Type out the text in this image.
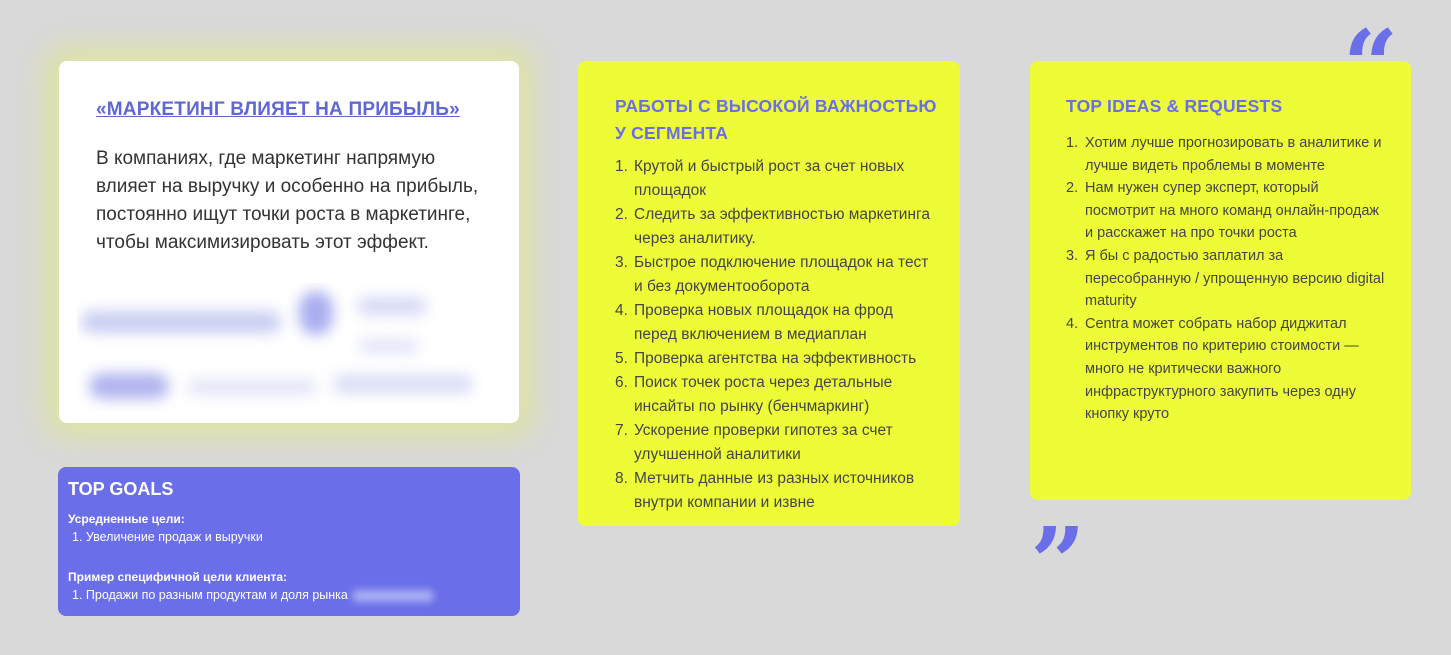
«МАРКЕТИНГ ВЛИЯЕТ НА ПРИБЫЛЬ»
В компаниях, где маркетинг напрямую влияет на выручку и особенно на прибыль, постоянно ищут точки роста в маркетинге, чтобы максимизировать этот эффект.
TOP GOALS

Усредненные цели:

1. Увеличение продаж и выручки

Пример специфичной цели клиента:

1. Продажи по разным продуктам и доля рынка
РАБОТЫ С ВЫСОКОЙ ВАЖНОСТЬЮ У СЕГМЕНТА
1. Крутой и быстрый рост за счет новых площадок
2. Следить за эффективностью маркетинга через аналитику.
3. Быстрое подключение площадок на тест и без документооборота
4. Проверка новых площадок на фрод перед включением в медиаплан
5. Проверка агентства на эффективность
6. Поиск точек роста через детальные инсайты по рынку (бенчмаркинг)
7. Ускорение проверки гипотез за счет улучшенной аналитики
8. Метчить данные из разных источников внутри компании и извне
TOP IDEAS & REQUESTS
1. Хотим лучше прогнозировать в аналитике и лучше видеть проблемы в моменте
2. Нам нужен супер эксперт, который посмотрит на много команд онлайн-продаж и расскажет на про точки роста
3. Я бы с радостью заплатил за пересобранную / упрощенную версию digital maturity
4. Centra может собрать набор диджитал инструментов по критерию стоимости — много не критически важного инфраструктурного закупить через одну кнопку круто
“
„
